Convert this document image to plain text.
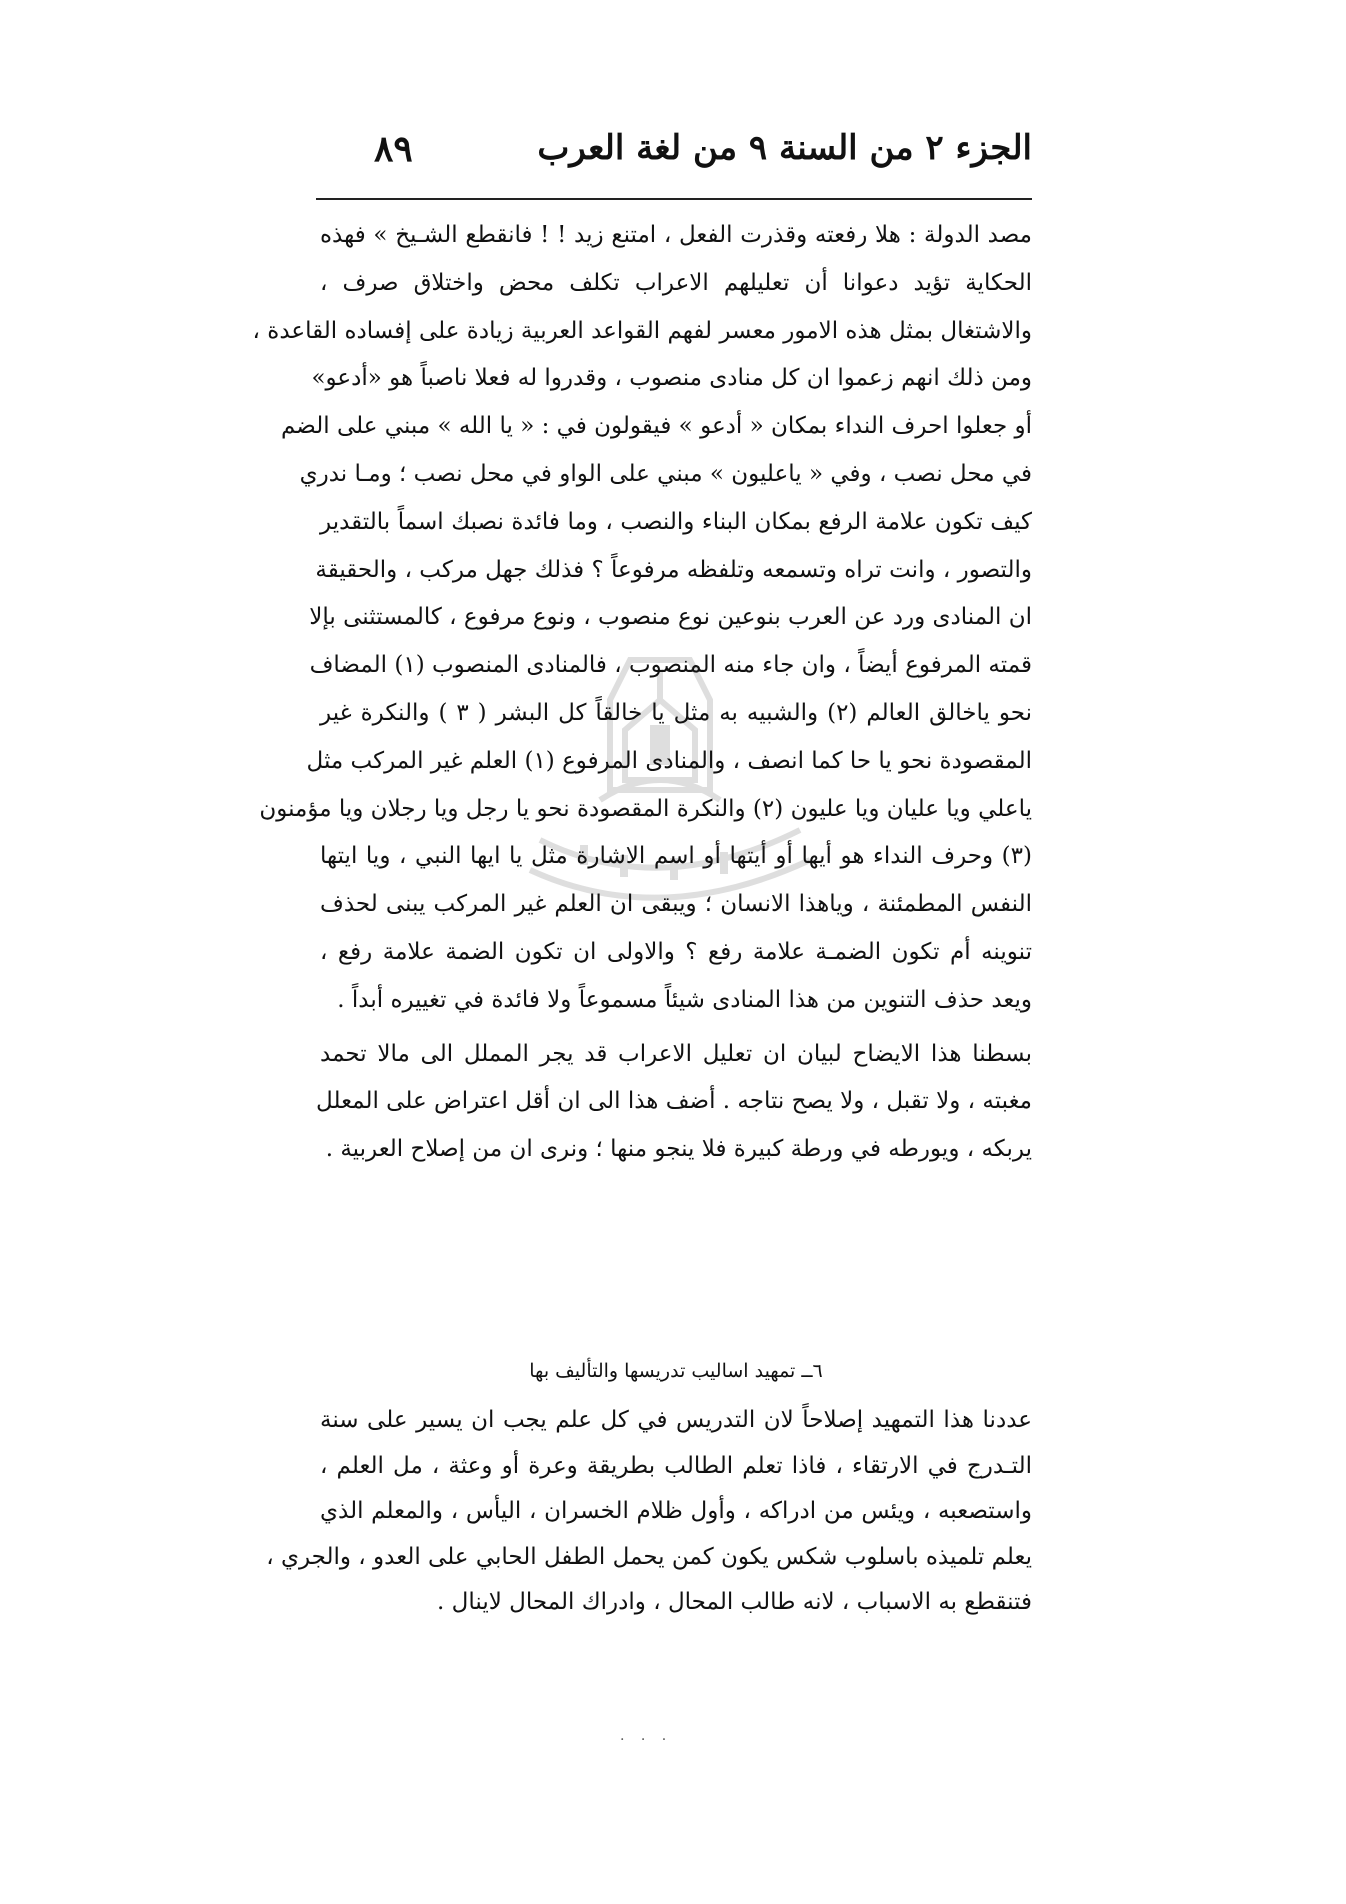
الجزء ٢ من السنة ٩ من لغة العرب
٨٩
مصد الدولة : هلا رفعته وقذرت الفعل ، امتنع زيد ! ! فانقطع الشـيخ » فهذه
الحكاية تؤيد دعوانا أن تعليلهم الاعراب تكلف محض واختلاق صرف ،
والاشتغال بمثل هذه الامور معسر لفهم القواعد العربية زيادة على إفساده القاعدة ،
ومن ذلك انهم زعموا ان كل منادى منصوب ، وقدروا له فعلا ناصباً هو «أدعو»
أو جعلوا احرف النداء بمكان « أدعو » فيقولون في : « يا الله » مبني على الضم
في محل نصب ، وفي « ياعليون » مبني على الواو في محل نصب ؛ ومـا ندري
كيف تكون علامة الرفع بمكان البناء والنصب ، وما فائدة نصبك اسماً بالتقدير
والتصور ، وانت تراه وتسمعه وتلفظه مرفوعاً ؟ فذلك جهل مركب ، والحقيقة
ان المنادى ورد عن العرب بنوعين نوع منصوب ، ونوع مرفوع ، كالمستثنى بإلا
قمته المرفوع أيضاً ، وان جاء منه المنصوب ، فالمنادى المنصوب (١) المضاف
نحو ياخالق العالم (٢) والشبيه به مثل يا خالقاً كل البشر ( ٣ ) والنكرة غير
المقصودة نحو يا حا كما انصف ، والمنادى المرفوع (١) العلم غير المركب مثل
ياعلي ويا عليان ويا عليون (٢) والنكرة المقصودة نحو يا رجل ويا رجلان ويا مؤمنون
(٣) وحرف النداء هو أيها أو أيتها أو اسم الاشارة مثل يا ايها النبي ، ويا ايتها
النفس المطمئنة ، وياهذا الانسان ؛ ويبقى ان العلم غير المركب يبنى لحذف
تنوينه أم تكون الضمـة علامة رفع ؟ والاولى ان تكون الضمة علامة رفع ،
ويعد حذف التنوين من هذا المنادى شيئاً مسموعاً ولا فائدة في تغييره أبداً .
بسطنا هذا الايضاح لبيان ان تعليل الاعراب قد يجر المملل الى مالا تحمد
مغبته ، ولا تقبل ، ولا يصح نتاجه . أضف هذا الى ان أقل اعتراض على المعلل
يربكه ، ويورطه في ورطة كبيرة فلا ينجو منها ؛ ونرى ان من إصلاح العربية .
٦ــ تمهيد اساليب تدريسها والتأليف بها
عددنا هذا التمهيد إصلاحاً لان التدريس في كل علم يجب ان يسير على سنة
التـدرج في الارتقاء ، فاذا تعلم الطالب بطريقة وعرة أو وعثة ، مل العلم ،
واستصعبه ، ويئس من ادراكه ، وأول ظلام الخسران ، اليأس ، والمعلم الذي
يعلم تلميذه باسلوب شكس يكون كمن يحمل الطفل الحابي على العدو ، والجري ،
فتنقطع به الاسباب ، لانه طالب المحال ، وادراك المحال لاينال .
. . .
